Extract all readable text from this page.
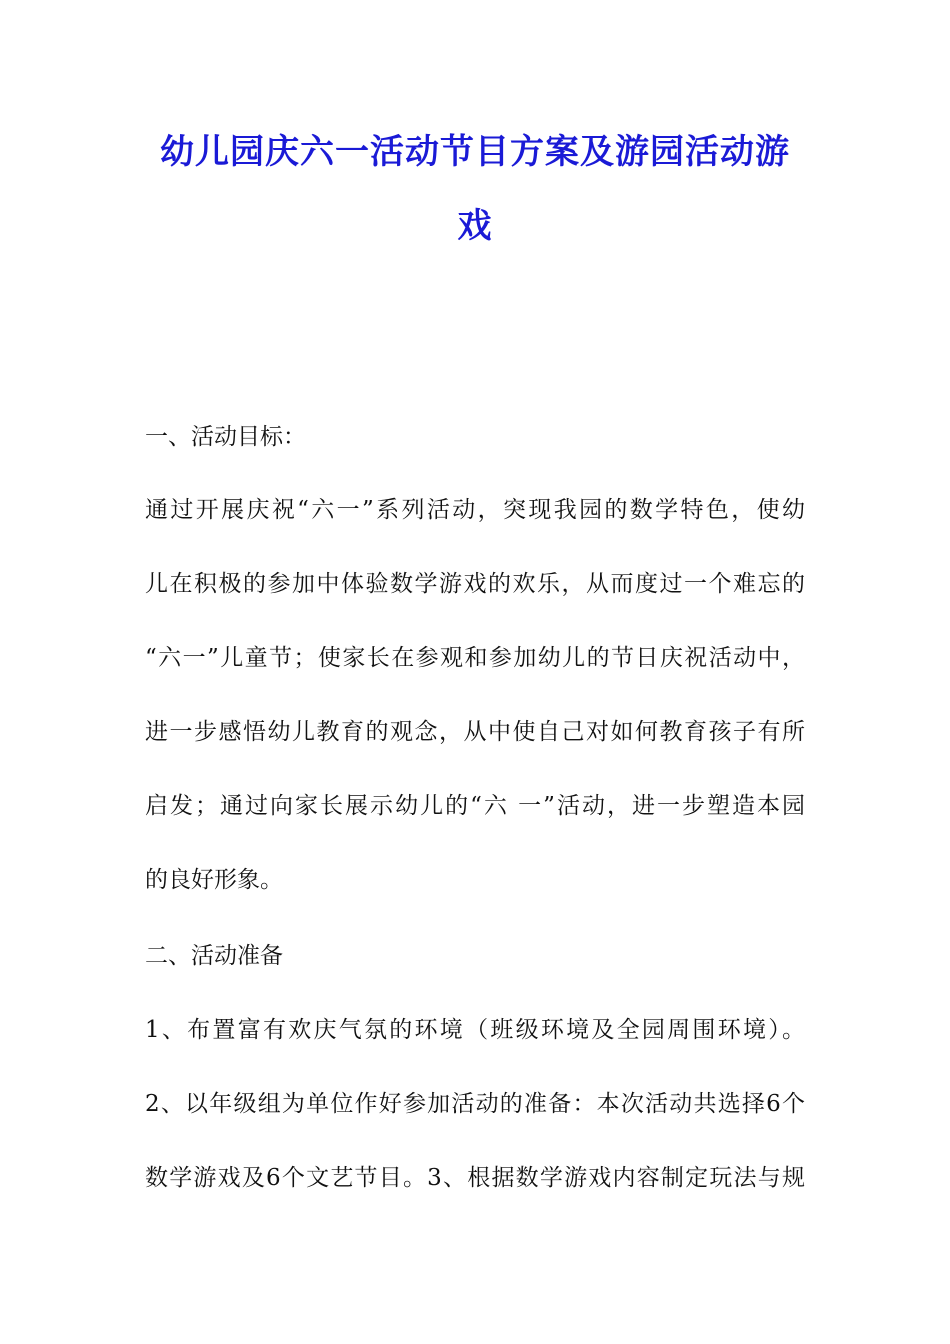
幼儿园庆六一活动节目方案及游园活动游
戏
一、活动目标：
通过开展庆祝“六一”系列活动，突现我园的数学特色，使幼
儿在积极的参加中体验数学游戏的欢乐，从而度过一个难忘的
“六一”儿童节；使家长在参观和参加幼儿的节日庆祝活动中，
进一步感悟幼儿教育的观念，从中使自己对如何教育孩子有所
启发；通过向家长展示幼儿的“六 一”活动，进一步塑造本园
的良好形象。
二、活动准备
1、布置富有欢庆气氛的环境（班级环境及全园周围环境）。
2、以年级组为单位作好参加活动的准备：本次活动共选择6个
数学游戏及6个文艺节目。3、根据数学游戏内容制定玩法与规
